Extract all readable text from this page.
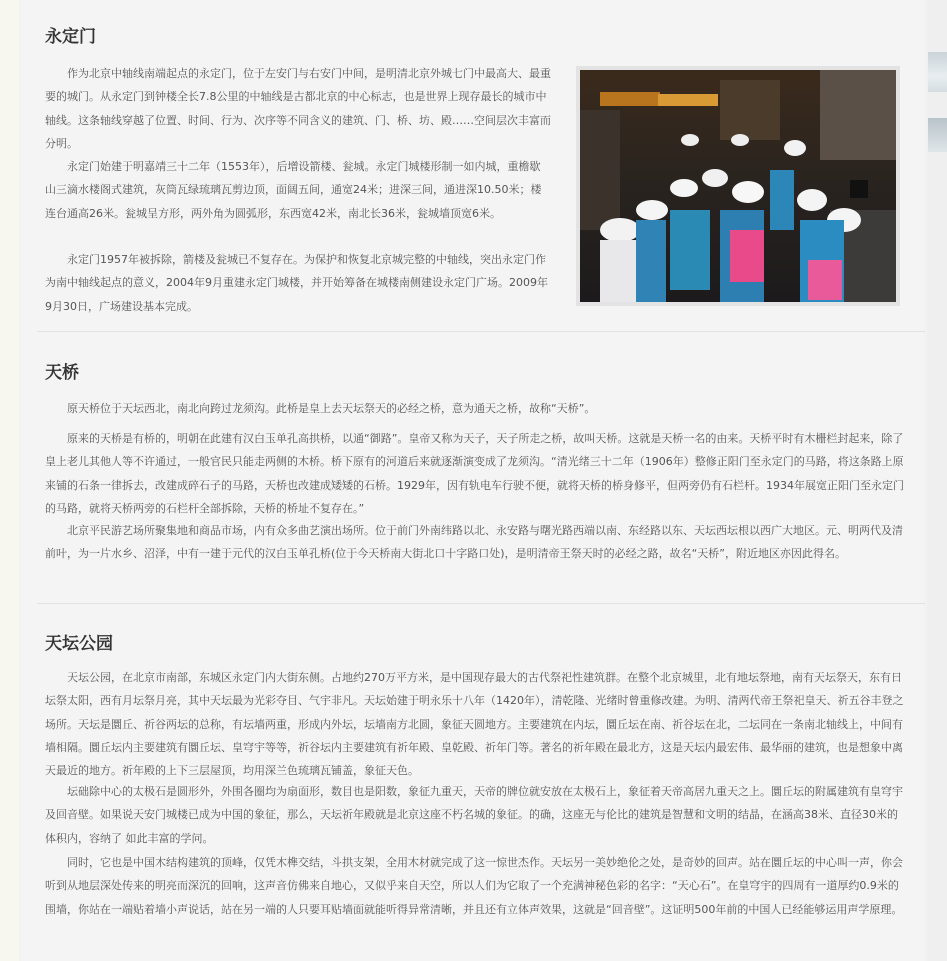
永定门

作为北京中轴线南端起点的永定门，位于左安门与右安门中间，是明清北京外城七门中最高大、最重要的城门。从永定门到钟楼全长7.8公里的中轴线是古都北京的中心标志，也是世界上现存最长的城市中轴线。这条轴线穿越了位置、时间、行为、次序等不同含义的建筑、门、桥、坊、殿……空间层次丰富而分明。

永定门始建于明嘉靖三十二年（1553年），后增设箭楼、瓮城。永定门城楼形制一如内城，重檐歇山三滴水楼阁式建筑，灰筒瓦绿琉璃瓦剪边顶，面阔五间，通宽24米；进深三间，通进深10.50米；楼连台通高26米。瓮城呈方形，两外角为圆弧形，东西宽42米，南北长36米，瓮城墙顶宽6米。

永定门1957年被拆除，箭楼及瓮城已不复存在。为保护和恢复北京城完整的中轴线，突出永定门作为南中轴线起点的意义，2004年9月重建永定门城楼，并开始筹备在城楼南侧建设永定门广场。2009年9月30日，广场建设基本完成。

天桥

原天桥位于天坛西北，南北向跨过龙须沟。此桥是皇上去天坛祭天的必经之桥，意为通天之桥，故称“天桥”。

原来的天桥是有桥的，明朝在此建有汉白玉单孔高拱桥，以通“御路”。皇帝又称为天子，天子所走之桥，故叫天桥。这就是天桥一名的由来。天桥平时有木栅栏封起来，除了皇上老儿其他人等不许通过，一般官民只能走两侧的木桥。桥下原有的河道后来就逐渐演变成了龙须沟。“清光绪三十二年（1906年）整修正阳门至永定门的马路，将这条路上原来铺的石条一律拆去，改建成碎石子的马路，天桥也改建成矮矮的石桥。1929年，因有轨电车行驶不便，就将天桥的桥身修平，但两旁仍有石栏杆。1934年展宽正阳门至永定门的马路，就将天桥两旁的石栏杆全部拆除，天桥的桥址不复存在。”

北京平民游艺场所聚集地和商品市场，内有众多曲艺演出场所。位于前门外南纬路以北、永安路与曙光路西端以南、东经路以东、天坛西坛根以西广大地区。元、明两代及清前叶，为一片水乡、沼泽，中有一建于元代的汉白玉单孔桥(位于今天桥南大街北口十字路口处)，是明清帝王祭天时的必经之路，故名“天桥”，附近地区亦因此得名。

天坛公园

天坛公园，在北京市南部，东城区永定门内大街东侧。占地约270万平方米，是中国现存最大的古代祭祀性建筑群。在整个北京城里，北有地坛祭地，南有天坛祭天，东有日坛祭太阳，西有月坛祭月亮，其中天坛最为光彩夺目、气宇非凡。天坛始建于明永乐十八年（1420年），清乾隆、光绪时曾重修改建。为明、清两代帝王祭祀皇天、祈五谷丰登之场所。天坛是圜丘、祈谷两坛的总称，有坛墙两重，形成内外坛，坛墙南方北圆，象征天圆地方。主要建筑在内坛，圜丘坛在南、祈谷坛在北，二坛同在一条南北轴线上，中间有墙相隔。圜丘坛内主要建筑有圜丘坛、皇穹宇等等，祈谷坛内主要建筑有祈年殿、皇乾殿、祈年门等。著名的祈年殿在最北方，这是天坛内最宏伟、最华丽的建筑，也是想象中离天最近的地方。祈年殿的上下三层屋顶，均用深兰色琉璃瓦铺盖，象征天色。

坛础除中心的太极石是圆形外，外围各圈均为扇面形，数目也是阳数，象征九重天，天帝的牌位就安放在太极石上，象征着天帝高居九重天之上。圜丘坛的附属建筑有皇穹宇及回音壁。如果说天安门城楼已成为中国的象征，那么，天坛祈年殿就是北京这座不朽名城的象征。的确，这座无与伦比的建筑是智慧和文明的结晶，在涵高38米、直径30米的体积内，容纳了 如此丰富的学问。

同时，它也是中国木结构建筑的顶峰，仅凭木榫交结，斗拱支架，全用木材就完成了这一惊世杰作。天坛另一美妙绝伦之处，是奇妙的回声。站在圜丘坛的中心叫一声，你会听到从地层深处传来的明亮而深沉的回响，这声音仿佛来自地心，又似乎来自天空，所以人们为它取了一个充满神秘色彩的名字：“天心石”。在皇穹宇的四周有一道厚约0.9米的围墙，你站在一端贴着墙小声说话，站在另一端的人只要耳贴墙面就能听得异常清晰，并且还有立体声效果，这就是“回音壁”。这证明500年前的中国人已经能够运用声学原理。
